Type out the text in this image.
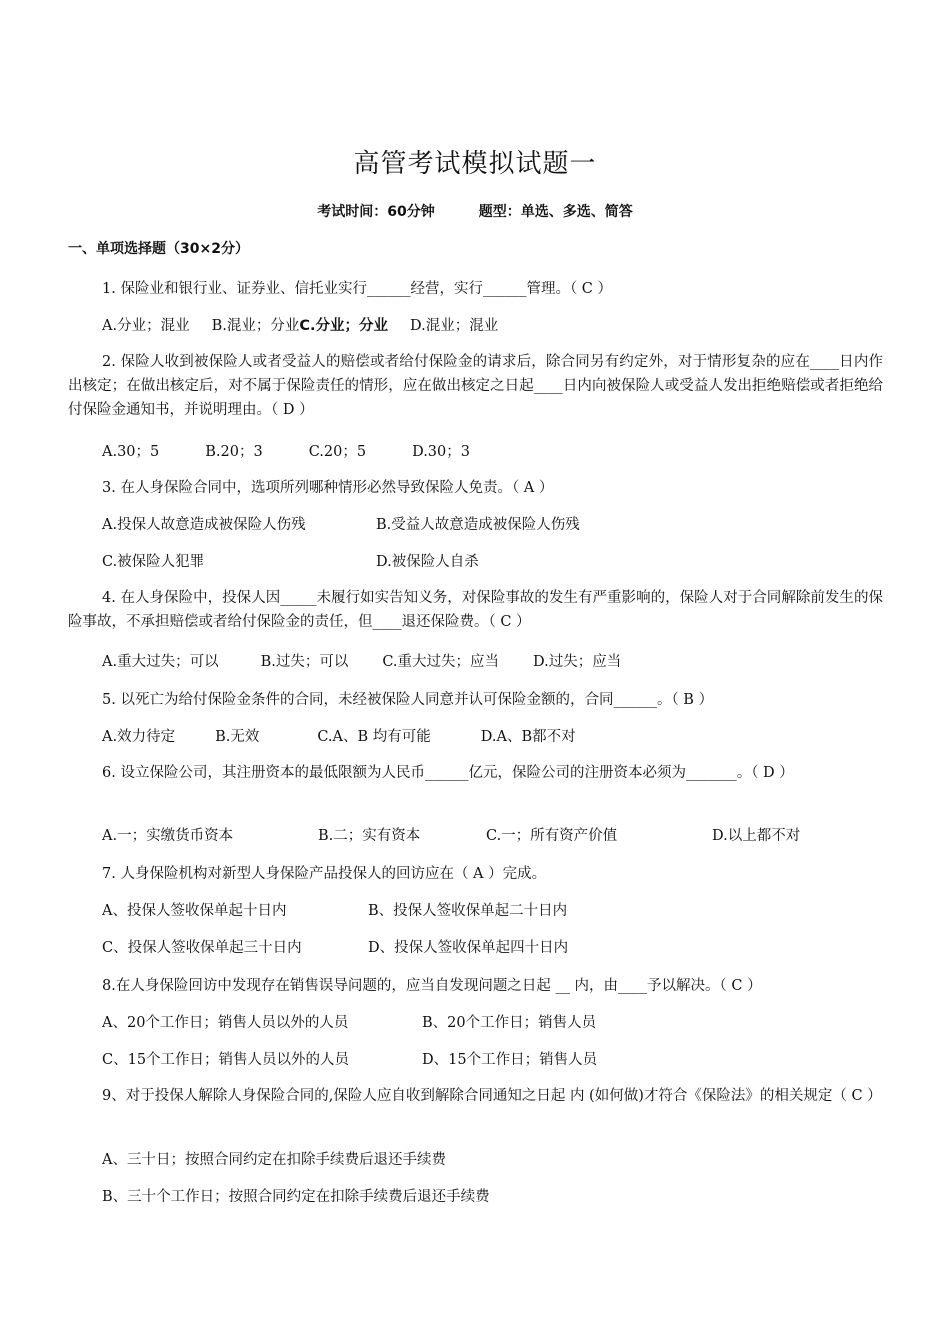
高管考试模拟试题一
考试时间：60分钟	题型：单选、多选、简答
一、单项选择题（30×2分）
1. 保险业和银行业、证券业、信托业实行______经营，实行______管理。（ C ）
A.分业；混业 B.混业；分业C.分业；分业 D.混业；混业
2. 保险人收到被保险人或者受益人的赔偿或者给付保险金的请求后，除合同另有约定外，对于情形复杂的应在____日内作出核定；在做出核定后，对不属于保险责任的情形，应在做出核定之日起____日内向被保险人或受益人发出拒绝赔偿或者拒绝给付保险金通知书，并说明理由。（ D ）
A.30；5	B.20；3	C.20；5	D.30；3
3. 在人身保险合同中，选项所列哪种情形必然导致保险人免责。（ A ）
A.投保人故意造成被保险人伤残	B.受益人故意造成被保险人伤残
C.被保险人犯罪	D.被保险人自杀
4. 在人身保险中，投保人因_____未履行如实告知义务，对保险事故的发生有严重影响的，保险人对于合同解除前发生的保险事故，不承担赔偿或者给付保险金的责任，但____退还保险费。（ C ）
A.重大过失；可以	B.过失；可以 C.重大过失；应当 D.过失；应当
5. 以死亡为给付保险金条件的合同，未经被保险人同意并认可保险金额的，合同______。（ B ）
A.效力待定	B.无效	C.A、B 均有可能	D.A、B都不对
6. 设立保险公司，其注册资本的最低限额为人民币______亿元，保险公司的注册资本必须为_______。（ D ）
A.一；实缴货币资本	B.二；实有资本	C.一；所有资产价值	D.以上都不对
7. 人身保险机构对新型人身保险产品投保人的回访应在（ A ）完成。
A、投保人签收保单起十日内	B、投保人签收保单起二十日内
C、投保人签收保单起三十日内	D、投保人签收保单起四十日内
8.在人身保险回访中发现存在销售误导问题的，应当自发现问题之日起 __ 内，由____予以解决。（ C ）
A、20个工作日；销售人员以外的人员	B、20个工作日；销售人员
C、15个工作日；销售人员以外的人员	D、15个工作日；销售人员
9、对于投保人解除人身保险合同的,保险人应自收到解除合同通知之日起 内 (如何做)才符合《保险法》的相关规定（ C ）
A、三十日；按照合同约定在扣除手续费后退还手续费
B、三十个工作日；按照合同约定在扣除手续费后退还手续费
